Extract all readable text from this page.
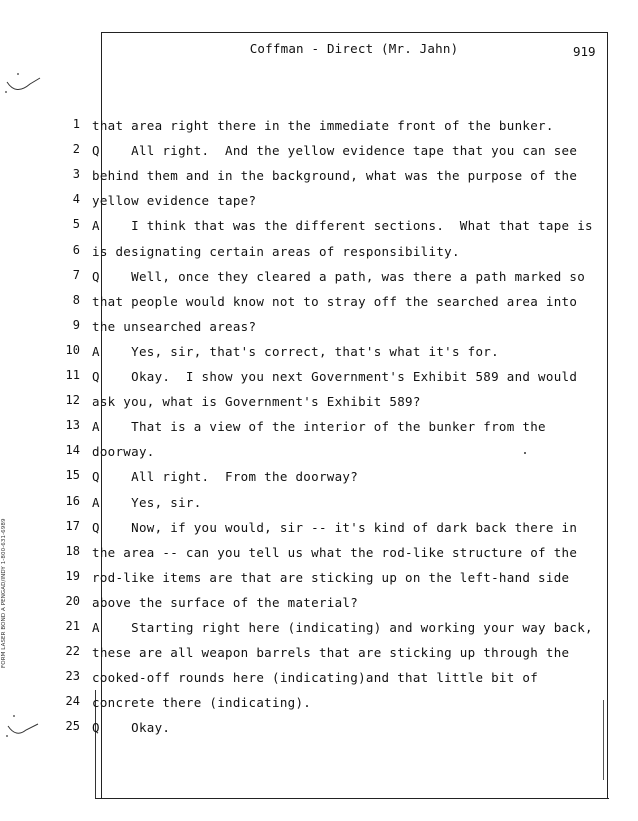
FORM LASER BOND A PENGAD/INDY 1-800-631-6989
Coffman - Direct (Mr. Jahn)	919
1 that area right there in the immediate front of the bunker.
2 Q    All right.  And the yellow evidence tape that you can see
3 behind them and in the background, what was the purpose of the
4 yellow evidence tape?
5 A    I think that was the different sections.  What that tape is
6 is designating certain areas of responsibility.
7 Q    Well, once they cleared a path, was there a path marked so
8 that people would know not to stray off the searched area into
9 the unsearched areas?
10 A    Yes, sir, that's correct, that's what it's for.
11 Q    Okay.  I show you next Government's Exhibit 589 and would
12 ask you, what is Government's Exhibit 589?
13 A    That is a view of the interior of the bunker from the
14 doorway.
15 Q    All right.  From the doorway?
16 A    Yes, sir.
17 Q    Now, if you would, sir -- it's kind of dark back there in
18 the area -- can you tell us what the rod-like structure of the
19 rod-like items are that are sticking up on the left-hand side
20 above the surface of the material?
21 A    Starting right here (indicating) and working your way back,
22 these are all weapon barrels that are sticking up through the
23 cooked-off rounds here (indicating)and that little bit of
24 concrete there (indicating).
25 Q    Okay.
